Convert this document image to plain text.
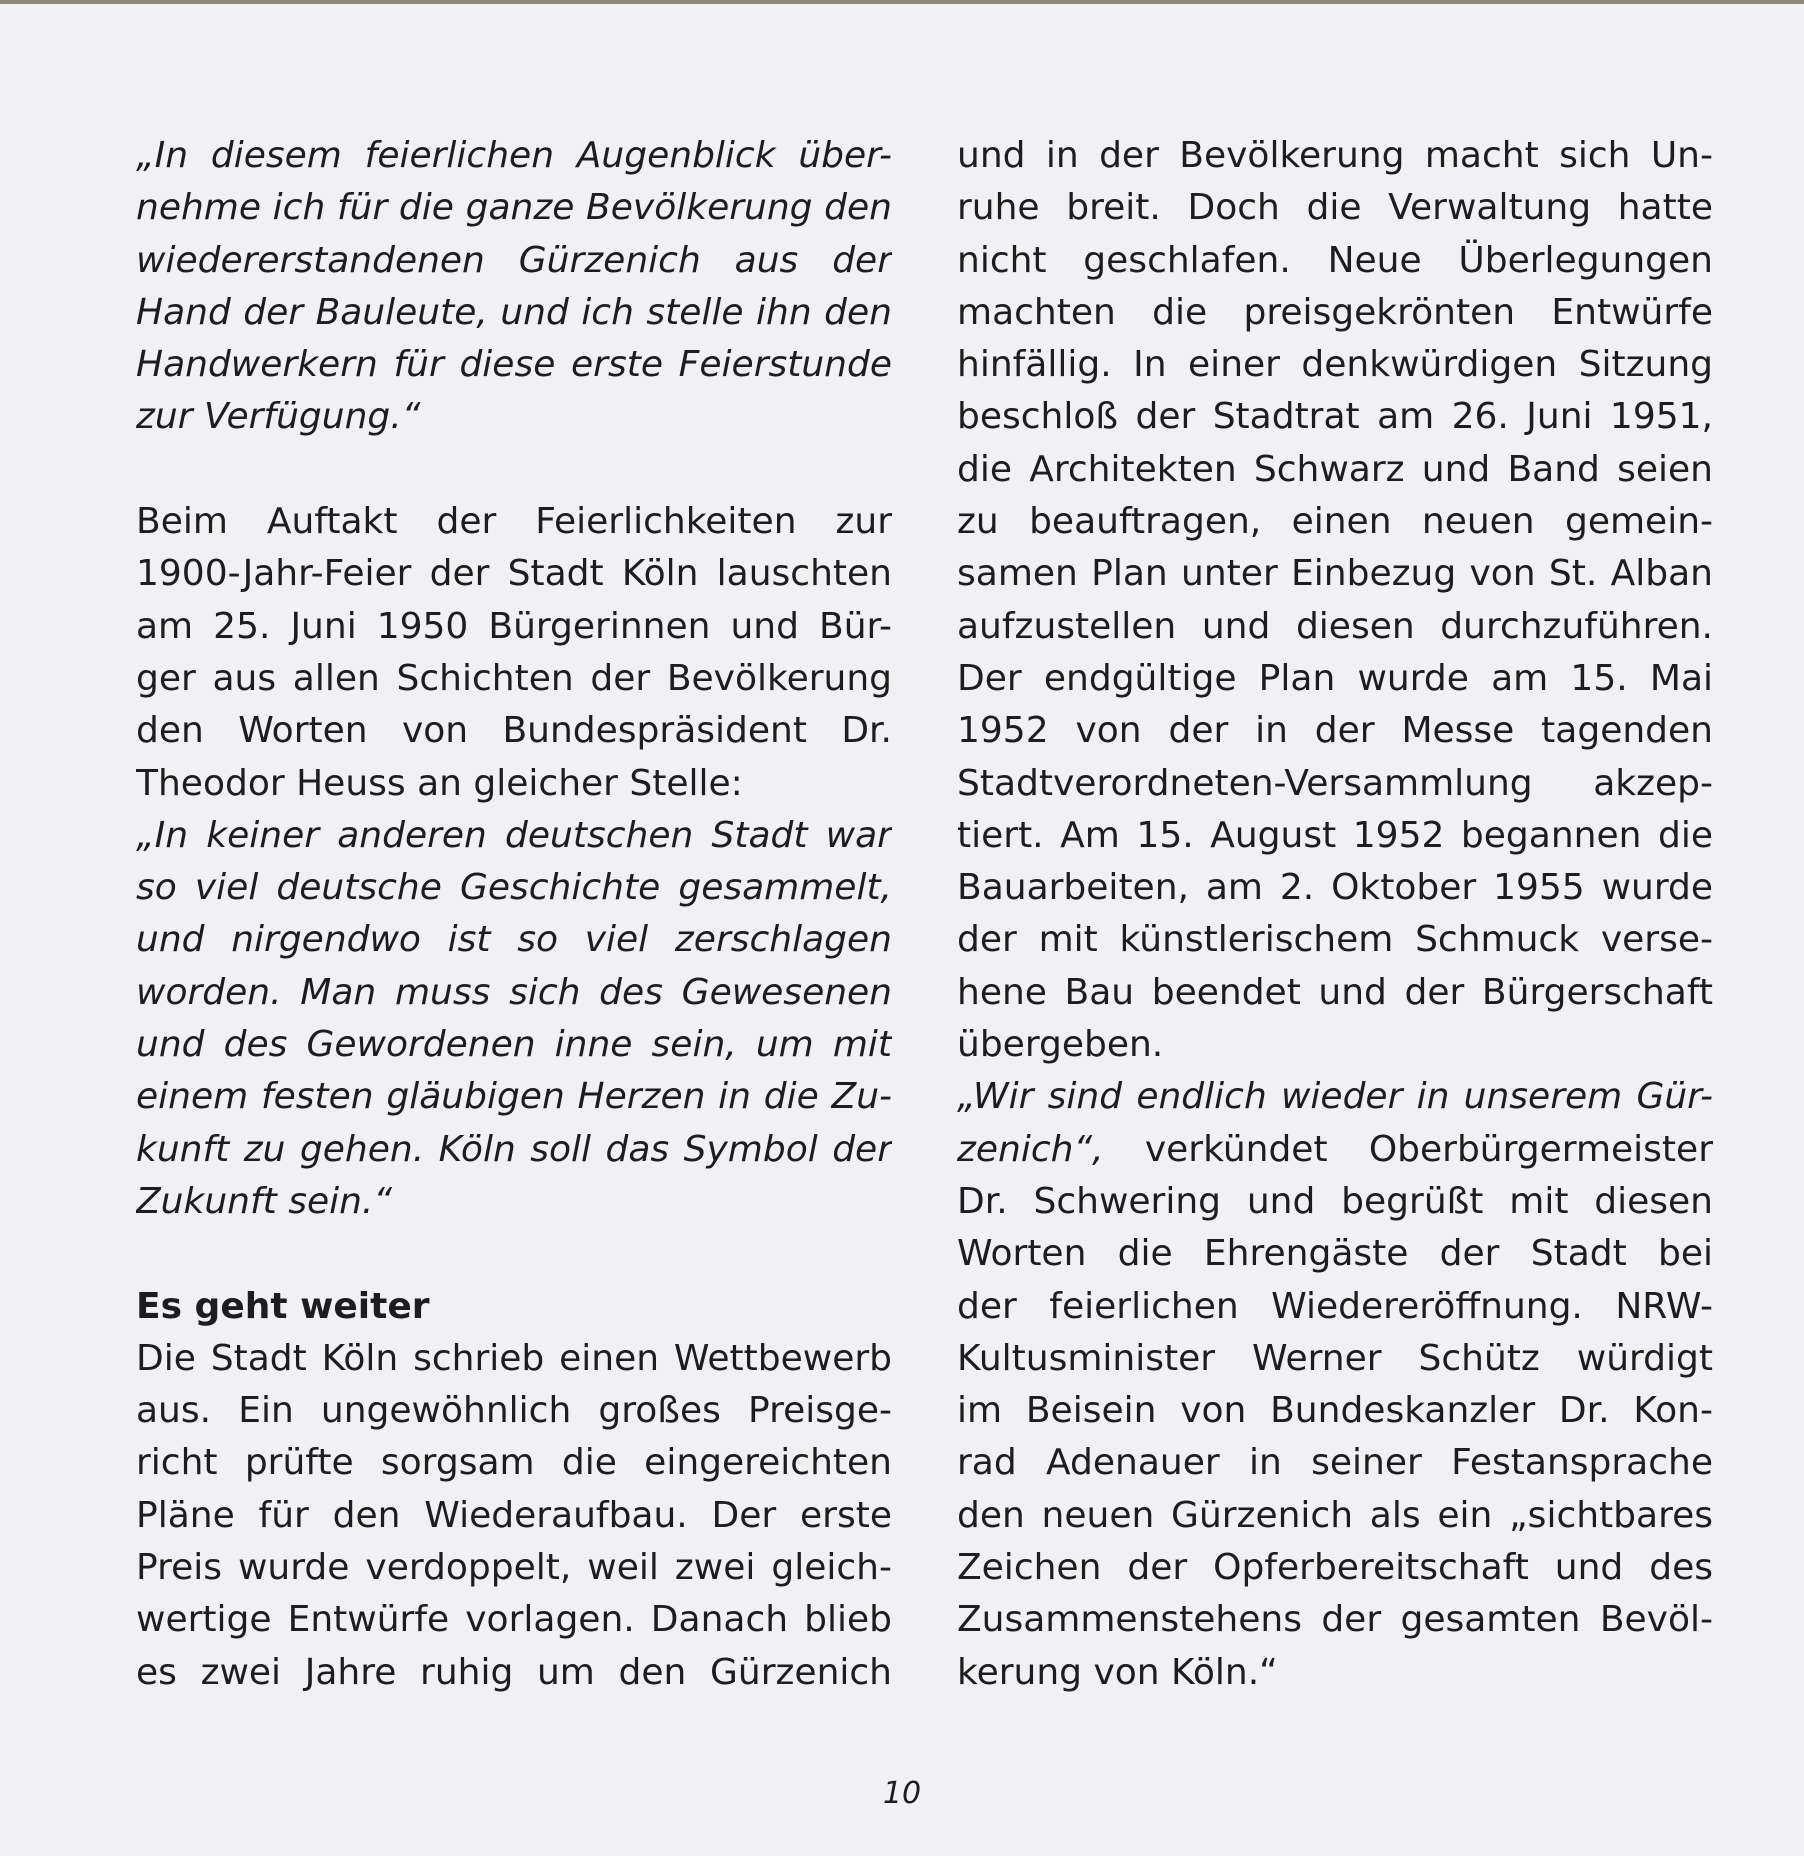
„In diesem feierlichen Augenblick über-
nehme ich für die ganze Bevölkerung den
wiedererstandenen Gürzenich aus der
Hand der Bauleute, und ich stelle ihn den
Handwerkern für diese erste Feierstunde
zur Verfügung.“
Beim Auftakt der Feierlichkeiten zur
1900-Jahr-Feier der Stadt Köln lauschten
am 25. Juni 1950 Bürgerinnen und Bür-
ger aus allen Schichten der Bevölkerung
den Worten von Bundespräsident Dr.
Theodor Heuss an gleicher Stelle:
„In keiner anderen deutschen Stadt war
so viel deutsche Geschichte gesammelt,
und nirgendwo ist so viel zerschlagen
worden. Man muss sich des Gewesenen
und des Gewordenen inne sein, um mit
einem festen gläubigen Herzen in die Zu-
kunft zu gehen. Köln soll das Symbol der
Zukunft sein.“
Es geht weiter
Die Stadt Köln schrieb einen Wettbewerb
aus. Ein ungewöhnlich großes Preisge-
richt prüfte sorgsam die eingereichten
Pläne für den Wiederaufbau. Der erste
Preis wurde verdoppelt, weil zwei gleich-
wertige Entwürfe vorlagen. Danach blieb
es zwei Jahre ruhig um den Gürzenich
und in der Bevölkerung macht sich Un-
ruhe breit. Doch die Verwaltung hatte
nicht geschlafen. Neue Überlegungen
machten die preisgekrönten Entwürfe
hinfällig. In einer denkwürdigen Sitzung
beschloß der Stadtrat am 26. Juni 1951,
die Architekten Schwarz und Band seien
zu beauftragen, einen neuen gemein-
samen Plan unter Einbezug von St. Alban
aufzustellen und diesen durchzuführen.
Der endgültige Plan wurde am 15. Mai
1952 von der in der Messe tagenden
Stadtverordneten-Versammlung akzep-
tiert. Am 15. August 1952 begannen die
Bauarbeiten, am 2. Oktober 1955 wurde
der mit künstlerischem Schmuck verse-
hene Bau beendet und der Bürgerschaft
übergeben.
„Wir sind endlich wieder in unserem Gür-
zenich“, verkündet Oberbürgermeister
Dr. Schwering und begrüßt mit diesen
Worten die Ehrengäste der Stadt bei
der feierlichen Wiedereröffnung. NRW-
Kultusminister Werner Schütz würdigt
im Beisein von Bundeskanzler Dr. Kon-
rad Adenauer in seiner Festansprache
den neuen Gürzenich als ein „sichtbares
Zeichen der Opferbereitschaft und des
Zusammenstehens der gesamten Bevöl-
kerung von Köln.“
10
